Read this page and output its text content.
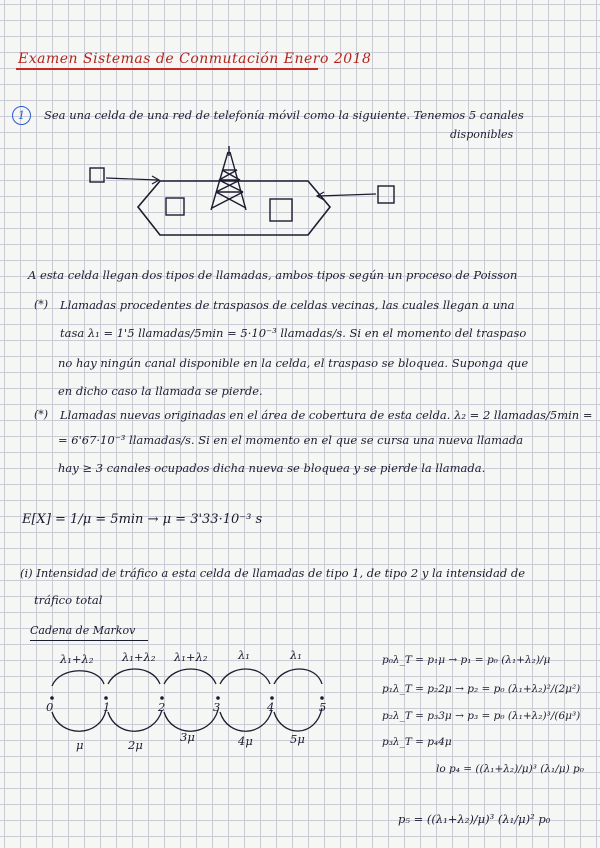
Examen Sistemas de Conmutación Enero 2018
1	Sea una celda de una red de telefonía móvil como la siguiente. Tenemos 5 canales
disponibles
A esta celda llegan dos tipos de llamadas, ambos tipos según un proceso de Poisson
(*) Llamadas procedentes de traspasos de celdas vecinas, las cuales llegan a una
tasa λ₁ = 1'5 llamadas/5min = 5·10⁻³ llamadas/s. Si en el momento del traspaso
no hay ningún canal disponible en la celda, el traspaso se bloquea. Suponga que
en dicho caso la llamada se pierde.
(*) Llamadas nuevas originadas en el área de cobertura de esta celda. λ₂ = 2 llamadas/5min =
= 6'67·10⁻³ llamadas/s. Si en el momento en el que se cursa una nueva llamada
hay ≥ 3 canales ocupados dicha nueva se bloquea y se pierde la llamada.
E[X] = 1/μ = 5min → μ = 3'33·10⁻³ s
(i) Intensidad de tráfico a esta celda de llamadas de tipo 1, de tipo 2 y la intensidad de
tráfico total
Cadena de Markov
λ₁+λ₂ λ₁+λ₂ λ₁+λ₂	λ₁	λ₁
0	1	2	3	4	5
μ	2μ
3μ	4μ	5μ
p₀λ_T = p₁μ → p₁ = p₀ (λ₁+λ₂)/μ
p₁λ_T = p₂2μ → p₂ = p₀ (λ₁+λ₂)²/(2μ²)
p₂λ_T = p₃3μ → p₃ = p₀ (λ₁+λ₂)³/(6μ³)
p₃λ_T = p₄4μ
lo p₄ = ((λ₁+λ₂)/μ)³ (λ₁/μ) p₀
p₅ = ((λ₁+λ₂)/μ)³ (λ₁/μ)² p₀
